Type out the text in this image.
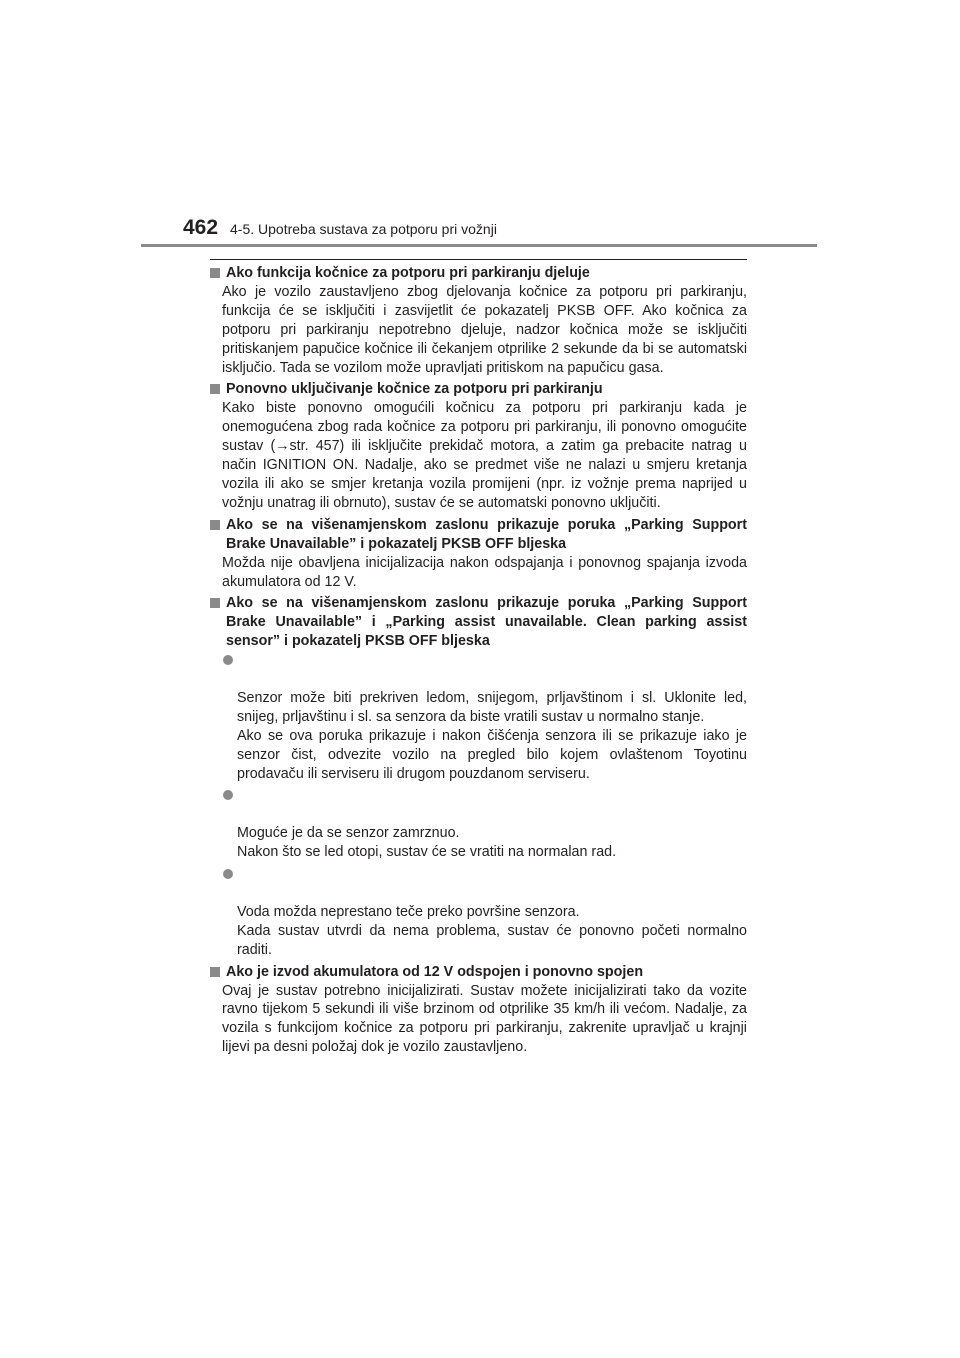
462 4-5. Upotreba sustava za potporu pri vožnji
Ako funkcija kočnice za potporu pri parkiranju djeluje
Ako je vozilo zaustavljeno zbog djelovanja kočnice za potporu pri parkiranju, funkcija će se isključiti i zasvijetlit će pokazatelj PKSB OFF. Ako kočnica za potporu pri parkiranju nepotrebno djeluje, nadzor kočnica može se isključiti pritiskanjem papučice kočnice ili čekanjem otprilike 2 sekunde da bi se automatski isključio. Tada se vozilom može upravljati pritiskom na papučicu gasa.
Ponovno uključivanje kočnice za potporu pri parkiranju
Kako biste ponovno omogućili kočnicu za potporu pri parkiranju kada je onemogućena zbog rada kočnice za potporu pri parkiranju, ili ponovno omogućite sustav (→str. 457) ili isključite prekidač motora, a zatim ga prebacite natrag u način IGNITION ON. Nadalje, ako se predmet više ne nalazi u smjeru kretanja vozila ili ako se smjer kretanja vozila promijeni (npr. iz vožnje prema naprijed u vožnju unatrag ili obrnuto), sustav će se automatski ponovno uključiti.
Ako se na višenamjenskom zaslonu prikazuje poruka „Parking Support Brake Unavailable” i pokazatelj PKSB OFF bljeska
Možda nije obavljena inicijalizacija nakon odspajanja i ponovnog spajanja izvoda akumulatora od 12 V.
Ako se na višenamjenskom zaslonu prikazuje poruka „Parking Support Brake Unavailable” i „Parking assist unavailable. Clean parking assist sensor” i pokazatelj PKSB OFF bljeska

Senzor može biti prekriven ledom, snijegom, prljavštinom i sl. Uklonite led, snijeg, prljavštinu i sl. sa senzora da biste vratili sustav u normalno stanje.
Ako se ova poruka prikazuje i nakon čišćenja senzora ili se prikazuje iako je senzor čist, odvezite vozilo na pregled bilo kojem ovlaštenom Toyotinu prodavaču ili serviseru ili drugom pouzdanom serviseru.

Moguće je da se senzor zamrznuo.
Nakon što se led otopi, sustav će se vratiti na normalan rad.

Voda možda neprestano teče preko površine senzora.
Kada sustav utvrdi da nema problema, sustav će ponovno početi normalno raditi.

Ako je izvod akumulatora od 12 V odspojen i ponovno spojen
Ovaj je sustav potrebno inicijalizirati. Sustav možete inicijalizirati tako da vozite ravno tijekom 5 sekundi ili više brzinom od otprilike 35 km/h ili većom. Nadalje, za vozila s funkcijom kočnice za potporu pri parkiranju, zakrenite upravljač u krajnji lijevi pa desni položaj dok je vozilo zaustavljeno.
